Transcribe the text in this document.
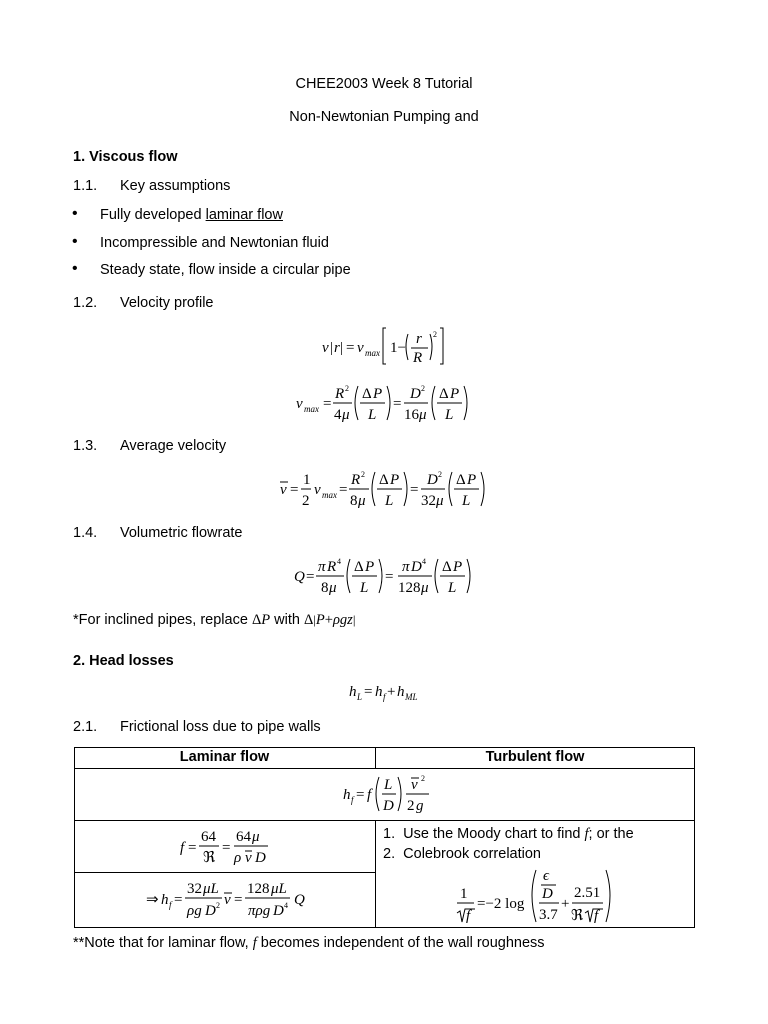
CHEE2003 Week 8 Tutorial
Non-Newtonian Pumping and
1. Viscous flow
1.1. Key assumptions
• Fully developed laminar flow
• Incompressible and Newtonian fluid
• Steady state, flow inside a circular pipe
1.2. Velocity profile
v | r | = v max 1−
r
R
2
v max =
R 2
4 μ
Δ P
L
=
D 2
16 μ
Δ P
L
1.3. Average velocity
v =
1
2
v max =
R 2
8 μ
Δ P
L
=
D 2
32 μ
Δ P
L
1.4. Volumetric flowrate
Q =
π R 4
8 μ
Δ P
L
=
π D 4
128 μ
Δ P
L
*For inclined pipes, replace ΔP with Δ|P+ρgz|
2. Head losses
h L = h f + h ML
2.1. Frictional loss due to pipe walls
Laminar flow	Turbulent flow
h f = f
L
D
v 2
2 g
f =
64
ℜ
=
64 μ
ρ v D
⇒ h f =
32 μL
ρg D 2 v =
128 μL
πρg D 4 Q
1. Use the Moody chart to find f; or the
2. Colebrook correlation
1
f
=−2 log
ϵ
D
3.7
+
2.51
ℜ f
**Note that for laminar flow, f becomes independent of the wall roughness
